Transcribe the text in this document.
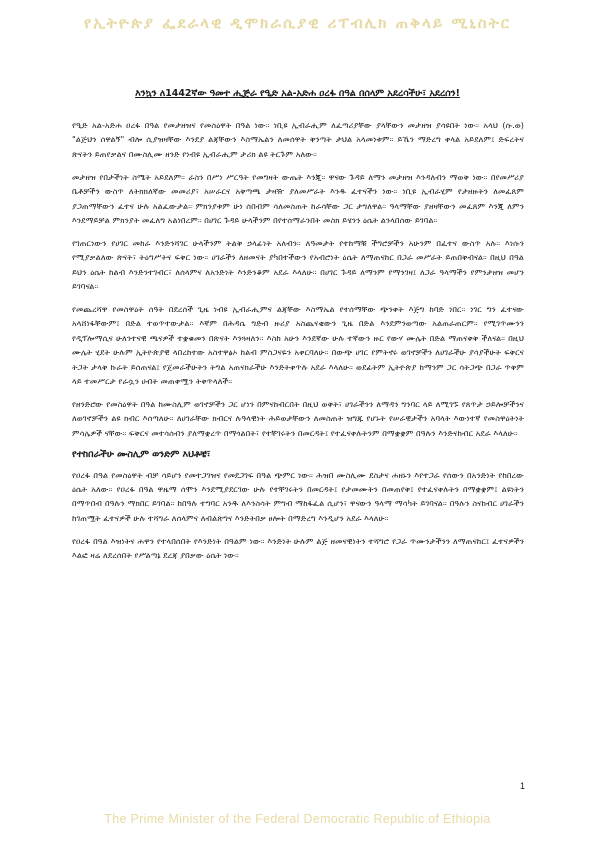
የኢትዮጵያ ፌደራላዊ ዲሞክራሲያዊ ሪፐብሊክ ጠቅላይ ሚኒስትር
እንኳን ለ1442ኛው ዓመተ ሒጅራ የዒድ አል-አድሐ ዐረፋ በዓል በሰላም አደረሳችሁ፣ አደረሰን!

የዒድ አል-አድሐ ዐረፋ በዓል የመታዘዝና የመስዕዋት በዓል ነው። ነቢዩ ኢብራሒም ለፈጣሪያቸው ያላቸውን መታዘዝ ያሳዩበት ነው። አላህ (ሱ.ወ) "ልጅህን ሰዋልኝ" ብሎ ሲያዝዛቸው እንደያ ልጃቸውን እስማኤልን ለመሰዋት ቅንጣት ታህል አላመነቱም። ይኼን ማድረግ ቀላል አይደለም፤ ድፍረትና ጽናትን ይጠየቃልና በሙስሊሙ ዘንድ የነብዩ ኢብራሒም ታሪክ ልዩ ትርጉም አለው።

መታዘዝ የበታችነት ስሜት አይደለም። ራስን በሥነ ሥርዓት የመግዛት ውጤት እንጂ። ዋናው ጉዳይ ለማን መታዘዝ እንዳለብን ማወቅ ነው። በየመሥሪያ ቤቶቻችን ውስጥ ለትክክለኛው መመሪያ፣ አሠራርና አቅጣጫ ታዛዥ ያለመሥራት እንዱ ፈተናችን ነው። ነቢዩ ኢብራሂም የታዘዙትን ለመፈጸም ያጋጠማቸውን ፈተና ሁሉ አልፈውታል። ምክንያቱም ሁነ ሰበብም ሳለመስጠት ከራሳቸው ጋር ታግለዋል። ዓላማቸው ያዘዛቸውን መፈጸም እንጂ ለምን እንደማይቻል ምክንያት መፈለግ አልነበረም። በሀገር ጉዳይ ሁላችንም በየተሰማራንበት መስክ ይሄንን ዕሴት ልንላበሰው ይገባል።

የገጠርነውን የሀገር መከራ እንድንሻገር ሁላችንም ትልቅ ኃላፊነት አለብን። ለዓመታት የተከማቹ ችግሮቻችን አሁንም በፈተና ውስጥ አሉ። እነሱን የሚያቃልለው ጽናት፣ ትዕግሥትና ፍቅር ነው። ሀገራችን ለዘመናት ያካበተችውን የአብሮነት ዕሴት ለማጠናከር በጋራ መሥራት ይጠበቅብናል። በዚህ በዓል ይህን ዕሴት ከልብ እንድንተገብር፣ ለሰላምና ለአንድነት እንድንቆም አደራ እላለሁ። በሀገር ጉዳይ ለማንም የማንገዛ፤ ለጋራ ዓላማችን የምንታዘዝ መሆን ይገባናል።

የመጨረሻዋ የመስዋዕት ሰዓት በደረሰች ጊዜ ነብዩ ኢብራሒምና ልጃቸው እስማኤል የተሰማቸው ጭንቀት እጅግ ከባድ ነበር። ነገር ግን ፈተናው አላሸነፋቸውም፤ በድል ተወጥተውታል። እኛም በሕዳሴ ግድብ ዙሪያ አስጨናቂውን ጊዜ በድል እንደምንወጣው አልጠራጠርም። የሚገጥሙንን የዲፕሎማሲና ሁለንተናዊ ጫናዎች ተቋቁመን በጽናት እንጓዛለን። እስከ አሁን እንደኛው ሁሉ ተኛውን ዙር የውሃ ሙሌት በድል ማጠናቀቅ ችለናል። በዚህ ሙሌት ሂደት ሁሉም ኢትዮጵያዊ ላበረከተው አስተዋፅኦ ከልብ ምስጋናዬን አቀርባለሁ። በውጭ ሀገር የምትኖሩ ወገኖቻችን ለሀገራችሁ ያሳያችሁት ፍቅርና ትጋት ታላቅ ኩራት ይሰጠናል፤ የጀመራችሁትን ትግል አጠናክራችሁ እንድትቀጥሉ አደራ እላለሁ። ወደፊትም ኢትዮጵያ ከማንም ጋር ሳትጋጭ በጋራ ጥቅም ላይ ተመሥርታ የራሷን ሀብት መጠቀሟን ትቀጥላለች።

የዘንድሮው የመስዕዋት በዓል ከሙስሊም ወገኖቻችን ጋር ሆነን በምናከብርበት በዚህ ወቅት፣ ሀገራችንን ለማዳን ግንባር ላይ ለሚገኙ የጸጥታ ኃይሎቻችንና ለወገኖቻችን ልዩ ክብር እሰጣለሁ። ለሀገራቸው ክብርና ሉዓላዊነት ሕይወታቸውን ለመስጠት ዝግጁ የሆኑት የሠራዊታችን አባላት እውነተኛ የመስዋዕትነት ምሳሌዎች ናቸው። ፍቅርና መተሳሰብን ያለማቋረጥ በማጎልበት፣ የተቸገሩትን በመርዳት፤ የተፈናቀሉትንም በማቋቋም በዓሉን እንድናከብር አደራ እላለሁ።

የተከበራችሁ ሙስሊም ወንድም እህቶቼ፣

የዐረፋ በዓል የመስዕዋት ብቻ ሳይሆን የመተጋገዝና የመደጋገፍ በዓል ጭምር ነው። ሕዝበ ሙስሊሙ ደስታና ሐዘኑን እየተጋራ የሰውን በአንድነት የከበረው ዕሴት አለው። የዐረፋ በዓል ዋዜማ ሰሞን እንደሚያደርገው ሁሉ የተቸገሩትን በመርዳት፤ የታመሙትን በመጠየቅ፤ የተፈናቀሉትን በማቋቋም፤ ልዩነትን በማጥበብ በዓሉን ማክበር ይገባል። ከበዓሉ ተግባር አንዱ ለእንስሳት ምግብ ማከፋፈል ሲሆን፣ ዋናውን ዓላማ ማሳካት ይገባናል። በዓሉን ስናከብር ሀገራችን ከገጠሟት ፈተናዎች ሁሉ ተሻግራ ለሰላምና ለብልጽግና እንድትበቃ ፀሎት በማድረግ እንዲሆን አደራ እላለሁ።

የዐረፋ በዓል እዝነትና ሐዋን የተላበሰበት የእንድነት በዓልም ነው። እንድነት ሁሉም ልጅ ዘመናዊነትን ተሻግሮ የጋራ ጥሙንታችንን ለማጠናከር፤ ፈተናዎችን እልፎ ዛሬ ለደረሰበት የሥልጣኔ ደረጃ ያበቃው ዕሴት ነው።

1
The Prime Minister of the Federal Democratic Republic of Ethiopia
